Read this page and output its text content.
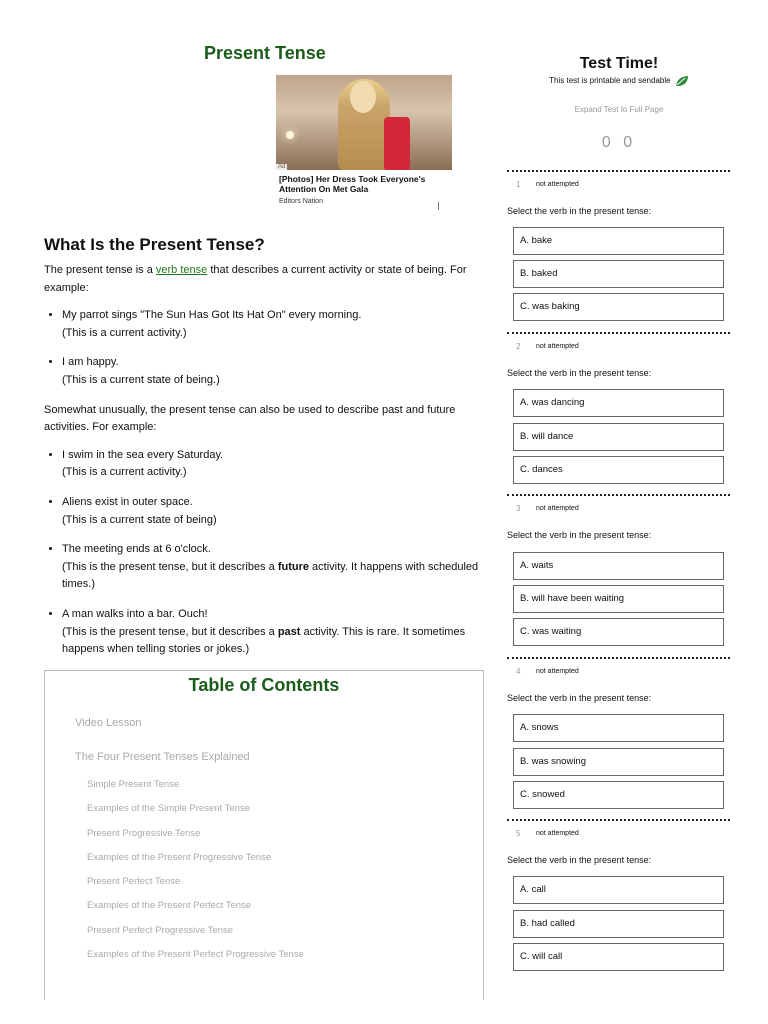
Present Tense
Ad
[Photos] Her Dress Took Everyone's Attention On Met Gala
Editors Nation
What Is the Present Tense?

The present tense is a verb tense that describes a current activity or state of being. For example:

• My parrot sings "The Sun Has Got Its Hat On" every morning.
(This is a current activity.)
• I am happy.
(This is a current state of being.)

Somewhat unusually, the present tense can also be used to describe past and future activities. For example:

• I swim in the sea every Saturday.
(This is a current activity.)
• Aliens exist in outer space.
(This is a current state of being)
• The meeting ends at 6 o'clock.
(This is the present tense, but it describes a future activity. It happens with scheduled times.)
• A man walks into a bar. Ouch!
(This is the present tense, but it describes a past activity. This is rare. It sometimes happens when telling stories or jokes.)
Table of Contents
Video Lesson
The Four Present Tenses Explained
Simple Present Tense
Examples of the Simple Present Tense
Present Progressive Tense
Examples of the Present Progressive Tense
Present Perfect Tense
Examples of the Present Perfect Tense
Present Perfect Progressive Tense
Examples of the Present Perfect Progressive Tense
Test Time!
This test is printable and sendable
Expand Test to Full Page
0 0
1 not attempted
Select the verb in the present tense:
A. bake
B. baked
C. was baking
2 not attempted
Select the verb in the present tense:
A. was dancing
B. will dance
C. dances
3 not attempted
Select the verb in the present tense:
A. waits
B. will have been waiting
C. was waiting
4 not attempted
Select the verb in the present tense:
A. snows
B. was snowing
C. snowed
5 not attempted
Select the verb in the present tense:
A. call
B. had called
C. will call
